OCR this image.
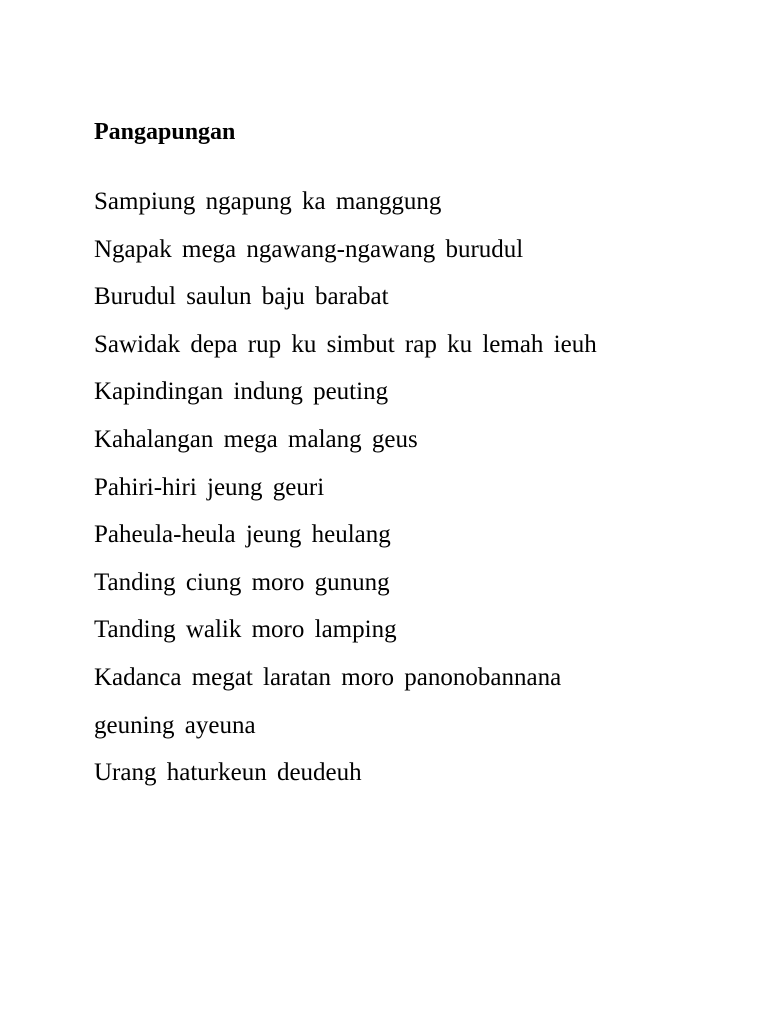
Pangapungan
Sampiung ngapung ka manggung
Ngapak mega ngawang-ngawang burudul
Burudul saulun baju barabat
Sawidak depa rup ku simbut rap ku lemah ieuh
Kapindingan indung peuting
Kahalangan mega malang geus
Pahiri-hiri jeung geuri
Paheula-heula jeung heulang
Tanding ciung moro gunung
Tanding walik moro lamping
Kadanca megat laratan moro panonobannana
geuning ayeuna
Urang haturkeun deudeuh
